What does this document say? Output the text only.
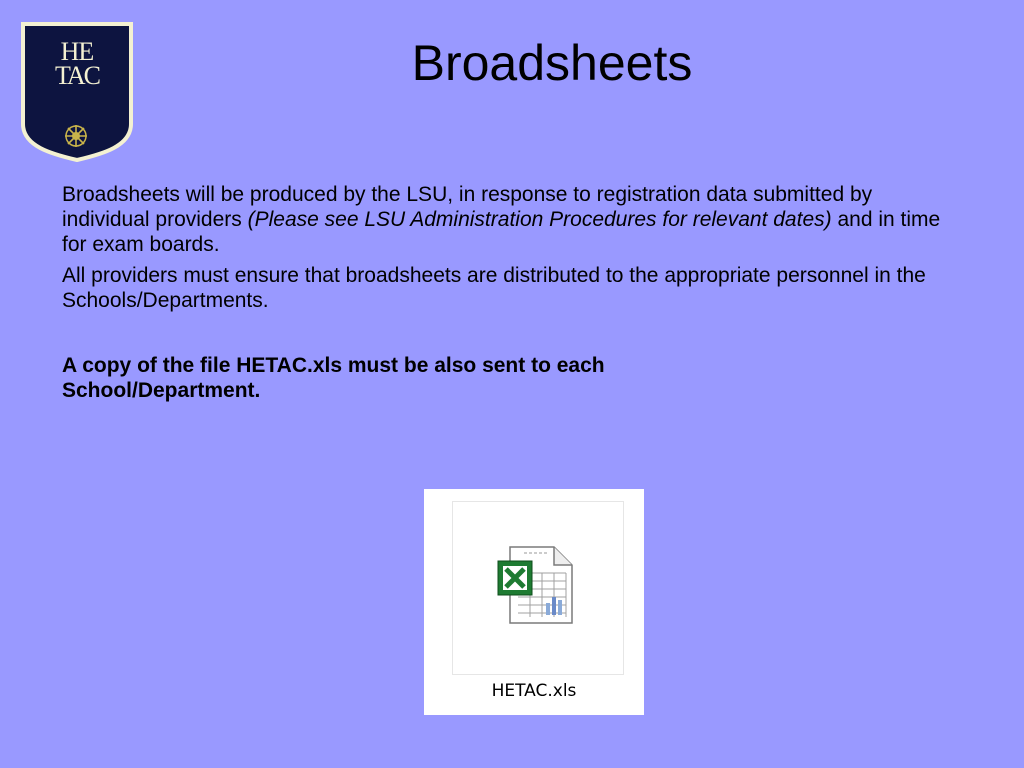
HE
TAC	Broadsheets

Broadsheets will be produced by the LSU, in response to registration data submitted by individual providers (Please see LSU Administration Procedures for relevant dates) and in time for exam boards.

All providers must ensure that broadsheets are distributed to the appropriate personnel in the Schools/Departments.

A copy of the file HETAC.xls must be also sent to each School/Department.

HETAC.xls
